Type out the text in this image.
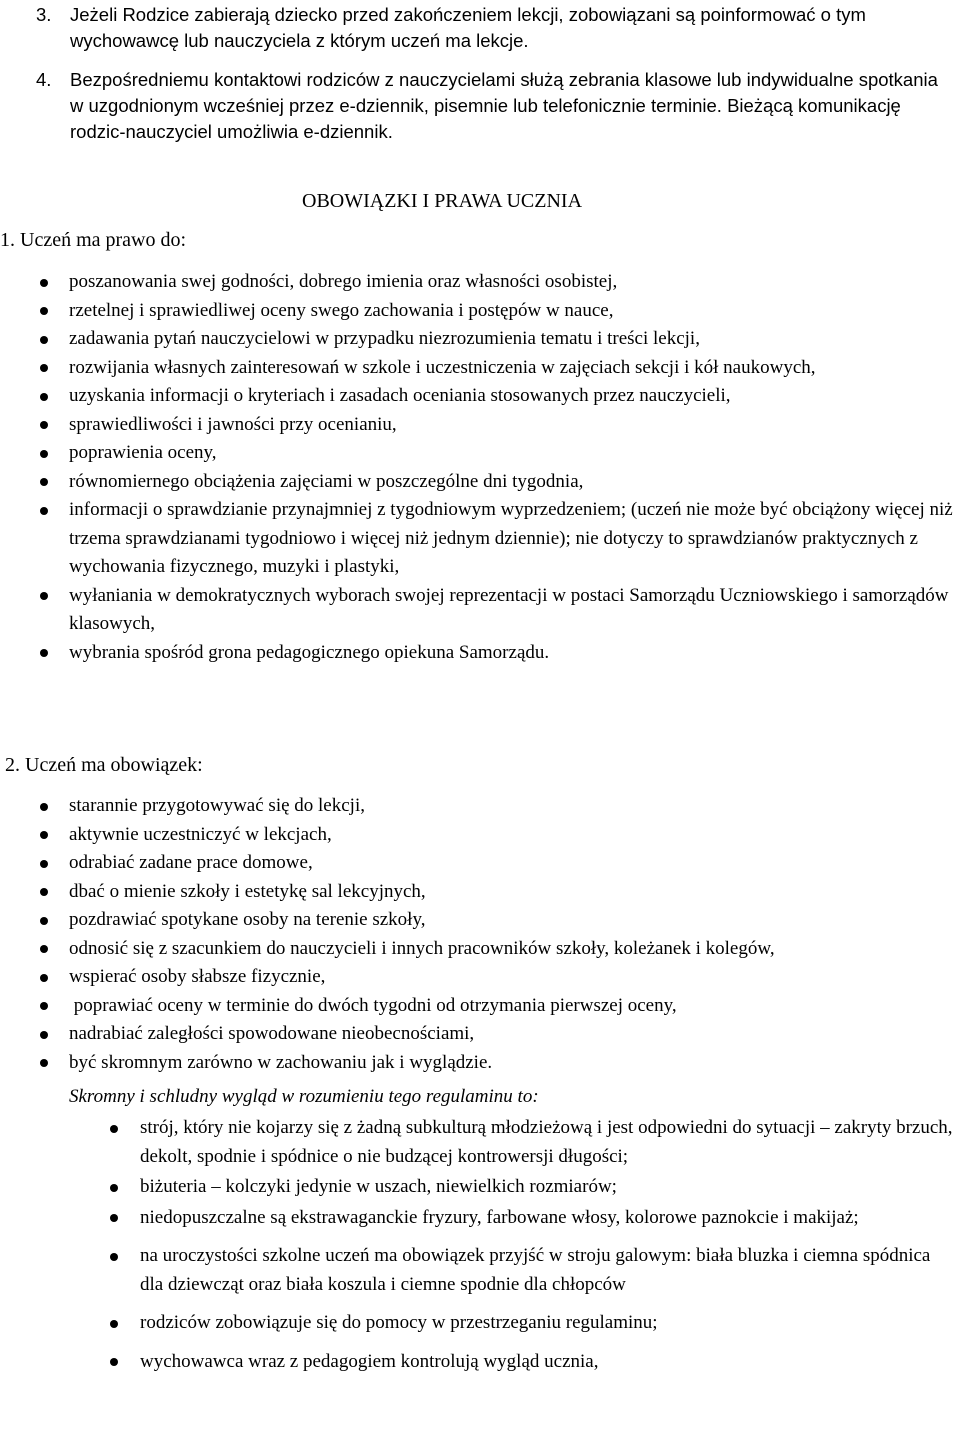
3. Jeżeli Rodzice zabierają dziecko przed zakończeniem lekcji, zobowiązani są poinformować o tym wychowawcę lub nauczyciela z którym uczeń ma lekcje.
4. Bezpośredniemu kontaktowi rodziców z nauczycielami służą zebrania klasowe lub indywidualne spotkania w uzgodnionym wcześniej przez e-dziennik, pisemnie lub telefonicznie terminie. Bieżącą komunikację rodzic-nauczyciel umożliwia e-dziennik.
OBOWIĄZKI I PRAWA UCZNIA
1. Uczeń ma prawo do:
poszanowania swej godności, dobrego imienia oraz własności osobistej,
rzetelnej i sprawiedliwej oceny swego zachowania i postępów w nauce,
zadawania pytań nauczycielowi w przypadku niezrozumienia tematu i treści lekcji,
rozwijania własnych zainteresowań w szkole i uczestniczenia w zajęciach sekcji i kół naukowych,
uzyskania informacji o kryteriach i zasadach oceniania stosowanych przez nauczycieli,
sprawiedliwości i jawności przy ocenianiu,
poprawienia oceny,
równomiernego obciążenia zajęciami w poszczególne dni tygodnia,
informacji o sprawdzianie przynajmniej z tygodniowym wyprzedzeniem; (uczeń nie może być obciążony więcej niż trzema sprawdzianami tygodniowo i więcej niż jednym dziennie); nie dotyczy to sprawdzianów praktycznych z wychowania fizycznego, muzyki i plastyki,
wyłaniania w demokratycznych wyborach swojej reprezentacji w postaci Samorządu Uczniowskiego i samorządów klasowych,
wybrania spośród grona pedagogicznego opiekuna Samorządu.
2. Uczeń ma obowiązek:
starannie przygotowywać się do lekcji,
aktywnie uczestniczyć w lekcjach,
odrabiać zadane prace domowe,
dbać o mienie szkoły i estetykę sal lekcyjnych,
pozdrawiać spotykane osoby na terenie szkoły,
odnosić się z szacunkiem do nauczycieli i innych pracowników szkoły, koleżanek i kolegów,
wspierać osoby słabsze fizycznie,
poprawiać oceny w terminie do dwóch tygodni od otrzymania pierwszej oceny,
nadrabiać zaległości spowodowane nieobecnościami,
być skromnym zarówno w zachowaniu jak i wyglądzie.
Skromny i schludny wygląd w rozumieniu tego regulaminu to:
strój, który nie kojarzy się z żadną subkulturą młodzieżową i jest odpowiedni do sytuacji – zakryty brzuch, dekolt, spodnie i spódnice o nie budzącej kontrowersji długości;
biżuteria – kolczyki jedynie w uszach, niewielkich rozmiarów;
niedopuszczalne są ekstrawaganckie fryzury, farbowane włosy, kolorowe paznokcie i makijaż;
na uroczystości szkolne uczeń ma obowiązek przyjść w stroju galowym: biała bluzka i ciemna spódnica dla dziewcząt oraz biała koszula i ciemne spodnie dla chłopców
rodziców zobowiązuje się do pomocy w przestrzeganiu regulaminu;
wychowawca wraz z pedagogiem kontrolują wygląd ucznia,
